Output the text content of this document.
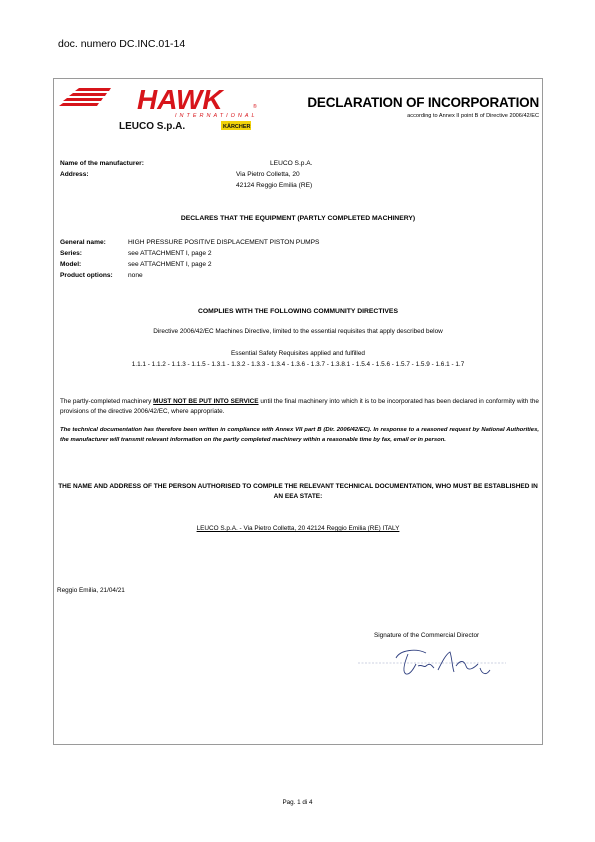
doc. numero DC.INC.01-14
HAWK	®
INTERNATIONAL
LEUCO S.p.A.	KÄRCHER
DECLARATION OF INCORPORATION
according to Annex II point B of Directive 2006/42/EC
Name of the manufacturer:	LEUCO S.p.A.
Address:	Via Pietro Colletta, 20
42124 Reggio Emilia (RE)
DECLARES THAT THE EQUIPMENT (PARTLY COMPLETED MACHINERY)
General name:	HIGH PRESSURE POSITIVE DISPLACEMENT PISTON PUMPS
Series:	see ATTACHMENT I, page 2
Model:	see ATTACHMENT I, page 2
Product options: none
COMPLIES WITH THE FOLLOWING COMMUNITY DIRECTIVES
Directive 2006/42/EC Machines Directive, limited to the essential requisites that apply described below
Essential Safety Requisites applied and fulfilled
1.1.1 - 1.1.2 - 1.1.3 - 1.1.5 - 1.3.1 - 1.3.2 - 1.3.3 - 1.3.4 - 1.3.6 - 1.3.7 - 1.3.8.1 - 1.5.4 - 1.5.6 - 1.5.7 - 1.5.9 - 1.6.1 - 1.7
The partly-completed machinery MUST NOT BE PUT INTO SERVICE until the final machinery into which it is to be incorporated has been declared in conformity with the provisions of the directive 2006/42/EC, where appropriate.
The technical documentation has therefore been written in compliance with Annex VII part B (Dir. 2006/42/EC). In response to a reasoned request by National Authorities, the manufacturer will transmit relevant information on the partly completed machinery within a reasonable time by fax, email or in person.
THE NAME AND ADDRESS OF THE PERSON AUTHORISED TO COMPILE THE RELEVANT TECHNICAL DOCUMENTATION, WHO MUST BE ESTABLISHED IN AN EEA STATE:
LEUCO S.p.A. - Via Pietro Colletta, 20 42124 Reggio Emilia (RE) ITALY
Reggio Emilia, 21/04/21
Signature of the Commercial Director
Pag. 1 di 4
